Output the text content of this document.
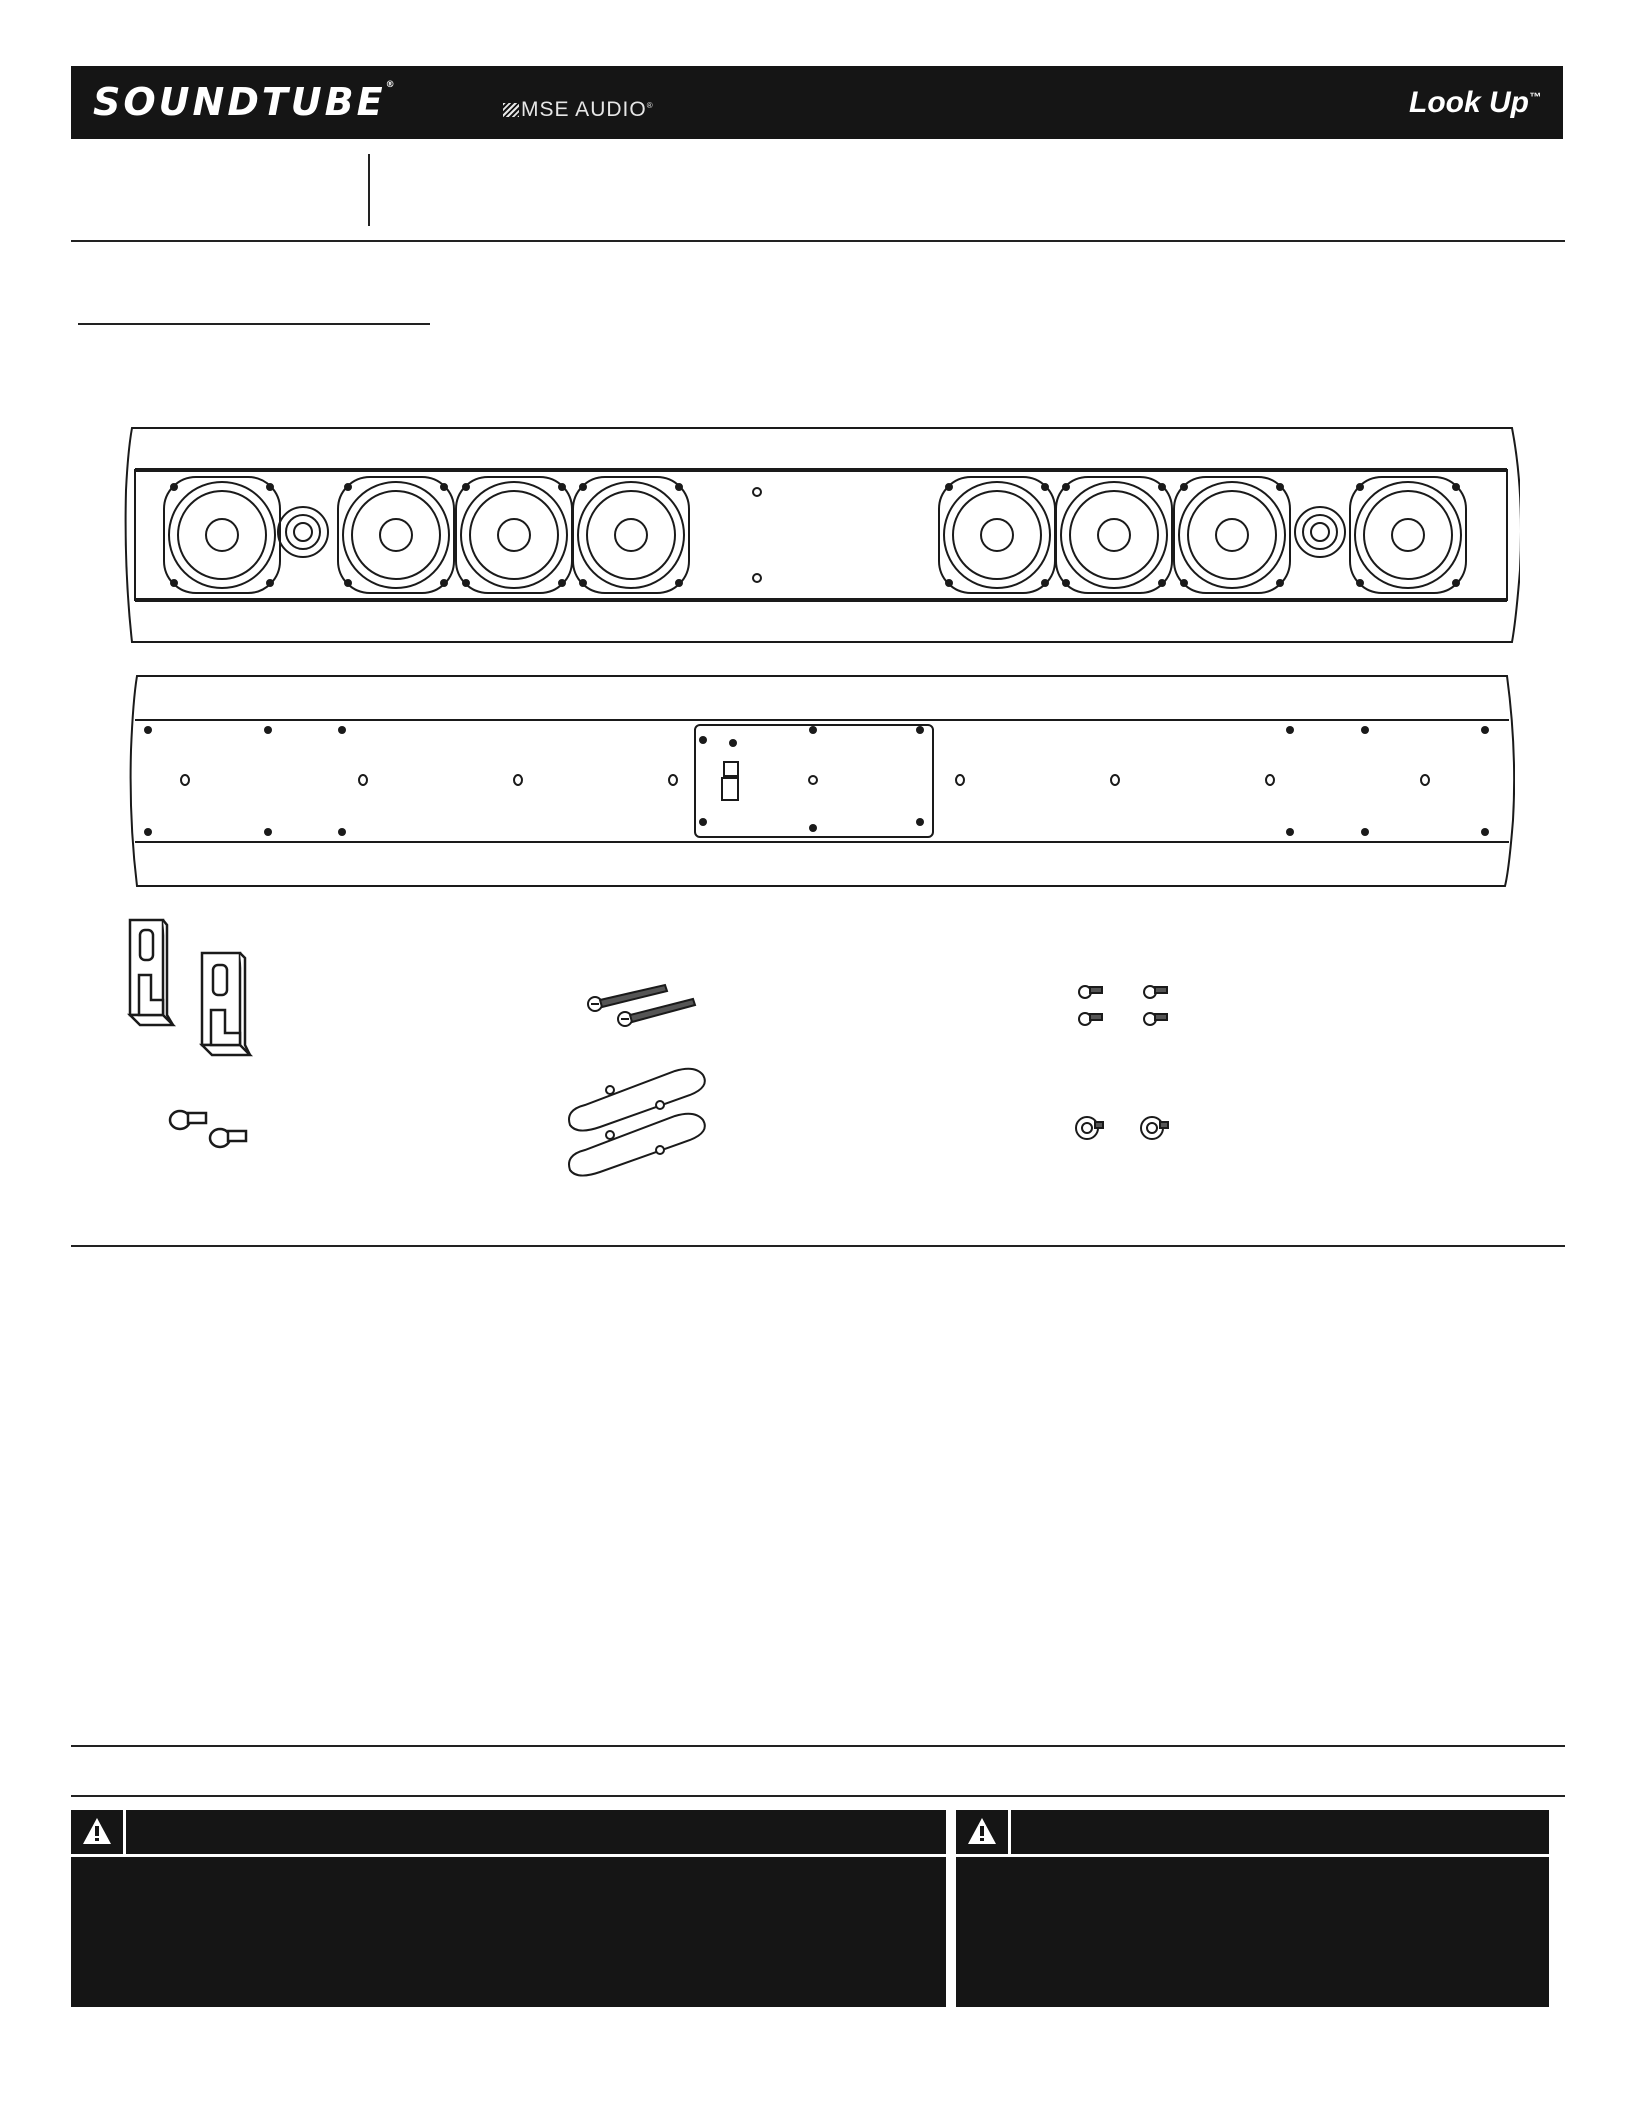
SOUNDTUBE®
MSE AUDIO®	Look Up™
